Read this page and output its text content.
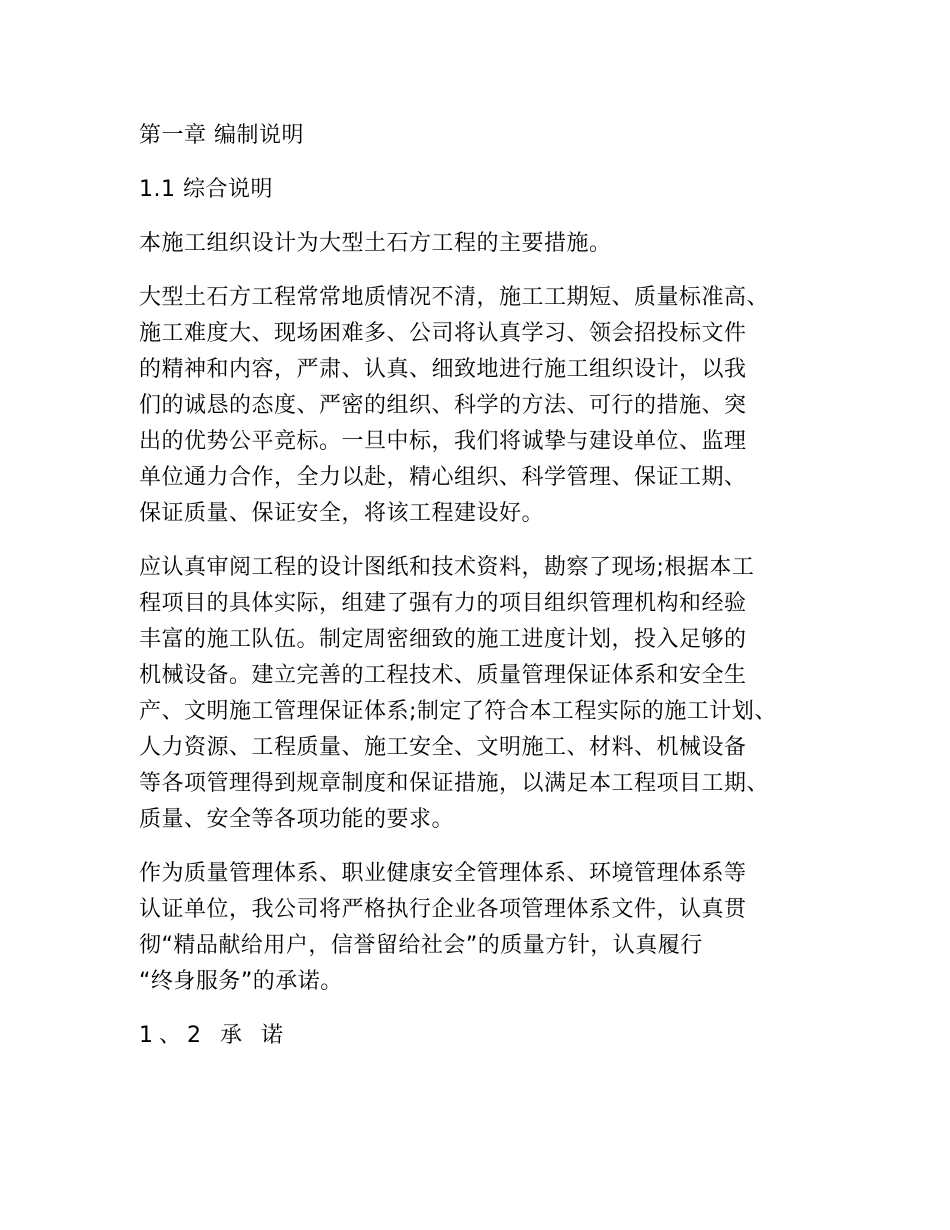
第一章 编制说明
1.1 综合说明
本施工组织设计为大型土石方工程的主要措施。
大型土石方工程常常地质情况不清，施工工期短、质量标准高、
施工难度大、现场困难多、公司将认真学习、领会招投标文件
的精神和内容，严肃、认真、细致地进行施工组织设计，以我
们的诚恳的态度、严密的组织、科学的方法、可行的措施、突
出的优势公平竞标。一旦中标，我们将诚挚与建设单位、监理
单位通力合作，全力以赴，精心组织、科学管理、保证工期、
保证质量、保证安全，将该工程建设好。
应认真审阅工程的设计图纸和技术资料，勘察了现场;根据本工
程项目的具体实际，组建了强有力的项目组织管理机构和经验
丰富的施工队伍。制定周密细致的施工进度计划，投入足够的
机械设备。建立完善的工程技术、质量管理保证体系和安全生
产、文明施工管理保证体系;制定了符合本工程实际的施工计划、
人力资源、工程质量、施工安全、文明施工、材料、机械设备
等各项管理得到规章制度和保证措施，以满足本工程项目工期、
质量、安全等各项功能的要求。
作为质量管理体系、职业健康安全管理体系、环境管理体系等
认证单位，我公司将严格执行企业各项管理体系文件，认真贯
彻“精品献给用户，信誉留给社会”的质量方针，认真履行
“终身服务”的承诺。
1、2 承 诺
